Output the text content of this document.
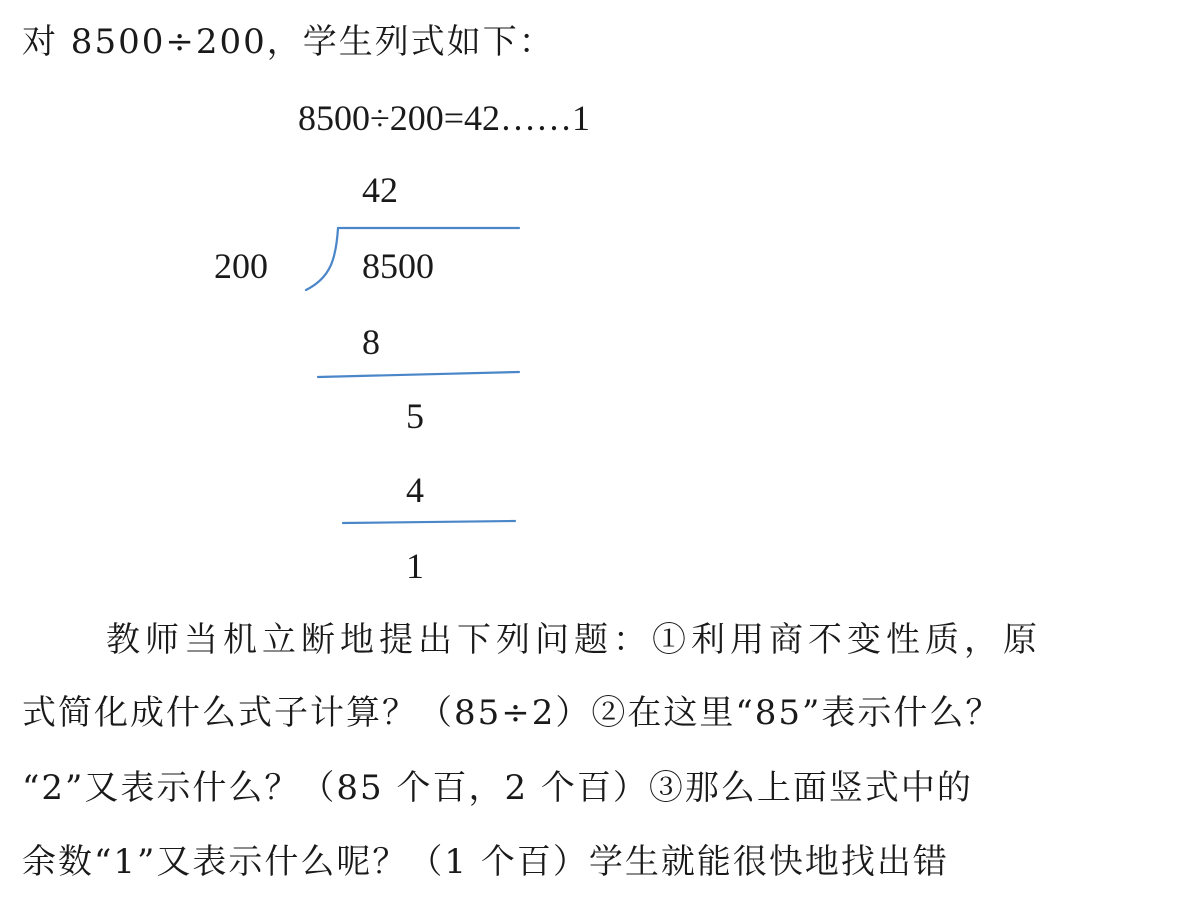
对 8500÷200，学生列式如下：
8500÷200=42……1
42
200	8500
8
5
4
1
教师当机立断地提出下列问题：①利用商不变性质，原
式简化成什么式子计算？（85÷2）②在这里“85”表示什么？
“2”又表示什么？（85 个百，2 个百）③那么上面竖式中的
余数“1”又表示什么呢？（1 个百）学生就能很快地找出错
